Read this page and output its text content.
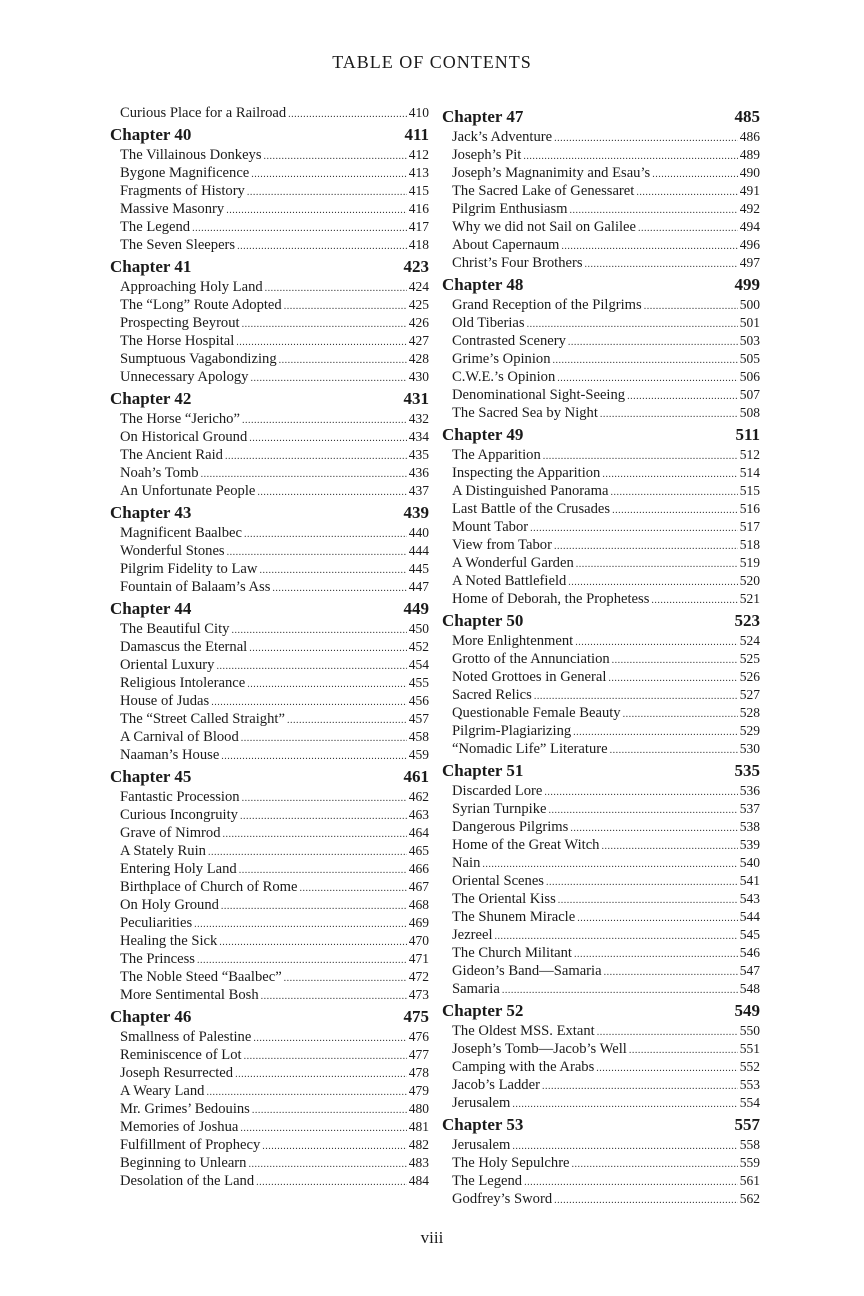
TABLE OF CONTENTS
Curious Place for a Railroad .....	410
Chapter 40	411
The Villainous Donkeys .....	412
Bygone Magnificence .....	413
Fragments of History .....	415
Massive Masonry .....	416
The Legend .....	417
The Seven Sleepers .....	418
Chapter 41	423
Approaching Holy Land .....	424
The “Long” Route Adopted .....	425
Prospecting Beyrout .....	426
The Horse Hospital .....	427
Sumptuous Vagabondizing .....	428
Unnecessary Apology .....	430
Chapter 42	431
The Horse “Jericho” .....	432
On Historical Ground .....	434
The Ancient Raid .....	435
Noah’s Tomb .....	436
An Unfortunate People .....	437
Chapter 43	439
Magnificent Baalbec .....	440
Wonderful Stones .....	444
Pilgrim Fidelity to Law .....	445
Fountain of Balaam’s Ass .....	447
Chapter 44	449
The Beautiful City .....	450
Damascus the Eternal .....	452
Oriental Luxury .....	454
Religious Intolerance .....	455
House of Judas .....	456
The “Street Called Straight” .....	457
A Carnival of Blood .....	458
Naaman’s House .....	459
Chapter 45	461
Fantastic Procession .....	462
Curious Incongruity .....	463
Grave of Nimrod .....	464
A Stately Ruin .....	465
Entering Holy Land .....	466
Birthplace of Church of Rome .....	467
On Holy Ground .....	468
Peculiarities .....	469
Healing the Sick .....	470
The Princess .....	471
The Noble Steed “Baalbec” .....	472
More Sentimental Bosh .....	473
Chapter 46	475
Smallness of Palestine .....	476
Reminiscence of Lot .....	477
Joseph Resurrected .....	478
A Weary Land .....	479
Mr. Grimes’ Bedouins .....	480
Memories of Joshua .....	481
Fulfillment of Prophecy .....	482
Beginning to Unlearn .....	483
Desolation of the Land .....	484
Chapter 47	485
Jack’s Adventure .....	486
Joseph’s Pit .....	489
Joseph’s Magnanimity and Esau’s .....	490
The Sacred Lake of Genessaret .....	491
Pilgrim Enthusiasm .....	492
Why we did not Sail on Galilee .....	494
About Capernaum .....	496
Christ’s Four Brothers .....	497
Chapter 48	499
Grand Reception of the Pilgrims .....	500
Old Tiberias .....	501
Contrasted Scenery .....	503
Grime’s Opinion .....	505
C.W.E.’s Opinion .....	506
Denominational Sight-Seeing .....	507
The Sacred Sea by Night .....	508
Chapter 49	511
The Apparition .....	512
Inspecting the Apparition .....	514
A Distinguished Panorama .....	515
Last Battle of the Crusades .....	516
Mount Tabor .....	517
View from Tabor .....	518
A Wonderful Garden .....	519
A Noted Battlefield .....	520
Home of Deborah, the Prophetess .....	521
Chapter 50	523
More Enlightenment .....	524
Grotto of the Annunciation .....	525
Noted Grottoes in General .....	526
Sacred Relics .....	527
Questionable Female Beauty .....	528
Pilgrim-Plagiarizing .....	529
“Nomadic Life” Literature .....	530
Chapter 51	535
Discarded Lore .....	536
Syrian Turnpike .....	537
Dangerous Pilgrims .....	538
Home of the Great Witch .....	539
Nain .....	540
Oriental Scenes .....	541
The Oriental Kiss .....	543
The Shunem Miracle .....	544
Jezreel .....	545
The Church Militant .....	546
Gideon’s Band—Samaria .....	547
Samaria .....	548
Chapter 52	549
The Oldest MSS. Extant .....	550
Joseph’s Tomb—Jacob’s Well .....	551
Camping with the Arabs .....	552
Jacob’s Ladder .....	553
Jerusalem .....	554
Chapter 53	557
Jerusalem .....	558
The Holy Sepulchre .....	559
The Legend .....	561
Godfrey’s Sword .....	562
viii
